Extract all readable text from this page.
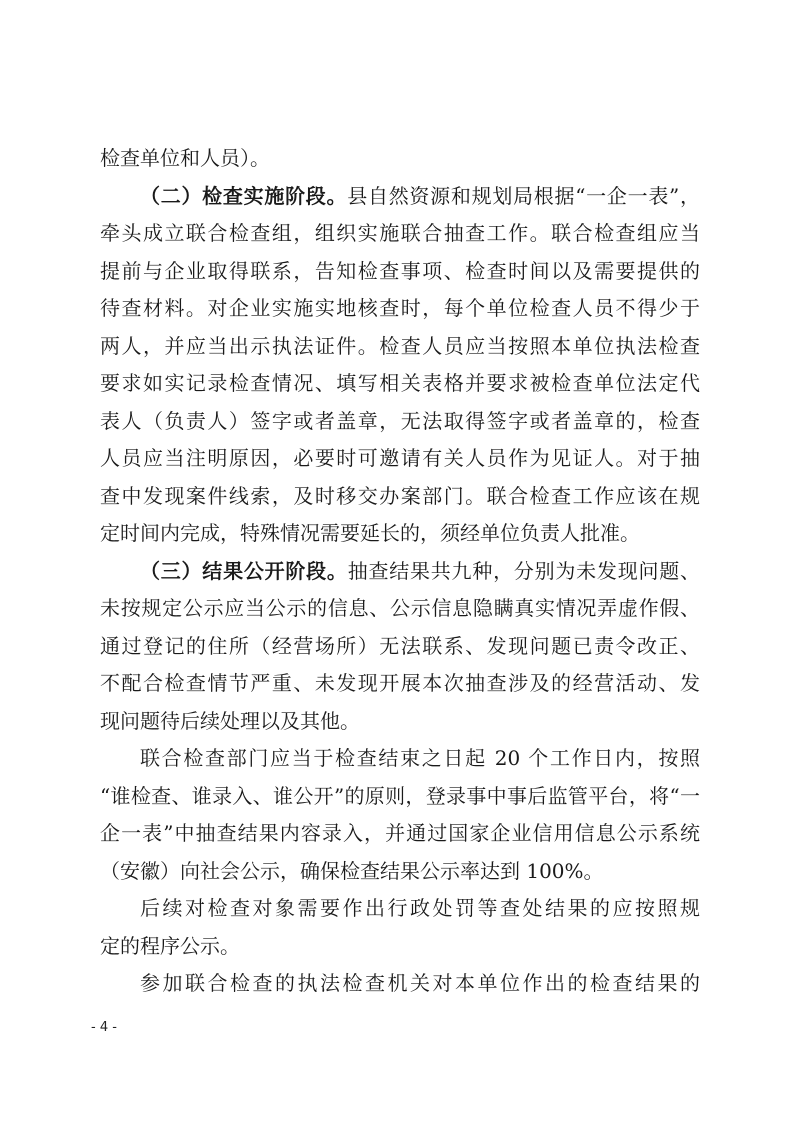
检查单位和人员）。

（二）检查实施阶段。县自然资源和规划局根据“一企一表”，
牵头成立联合检查组，组织实施联合抽查工作。联合检查组应当
提前与企业取得联系，告知检查事项、检查时间以及需要提供的
待查材料。对企业实施实地核查时，每个单位检查人员不得少于
两人，并应当出示执法证件。检查人员应当按照本单位执法检查
要求如实记录检查情况、填写相关表格并要求被检查单位法定代
表人（负责人）签字或者盖章，无法取得签字或者盖章的，检查
人员应当注明原因，必要时可邀请有关人员作为见证人。对于抽
查中发现案件线索，及时移交办案部门。联合检查工作应该在规
定时间内完成，特殊情况需要延长的，须经单位负责人批准。

（三）结果公开阶段。抽查结果共九种，分别为未发现问题、
未按规定公示应当公示的信息、公示信息隐瞒真实情况弄虚作假、
通过登记的住所（经营场所）无法联系、发现问题已责令改正、
不配合检查情节严重、未发现开展本次抽查涉及的经营活动、发
现问题待后续处理以及其他。

联合检查部门应当于检查结束之日起 20 个工作日内，按照
“谁检查、谁录入、谁公开”的原则，登录事中事后监管平台，将“一
企一表”中抽查结果内容录入，并通过国家企业信用信息公示系统
（安徽）向社会公示，确保检查结果公示率达到 100%。

后续对检查对象需要作出行政处罚等查处结果的应按照规
定的程序公示。

参加联合检查的执法检查机关对本单位作出的检查结果的

- 4 -
